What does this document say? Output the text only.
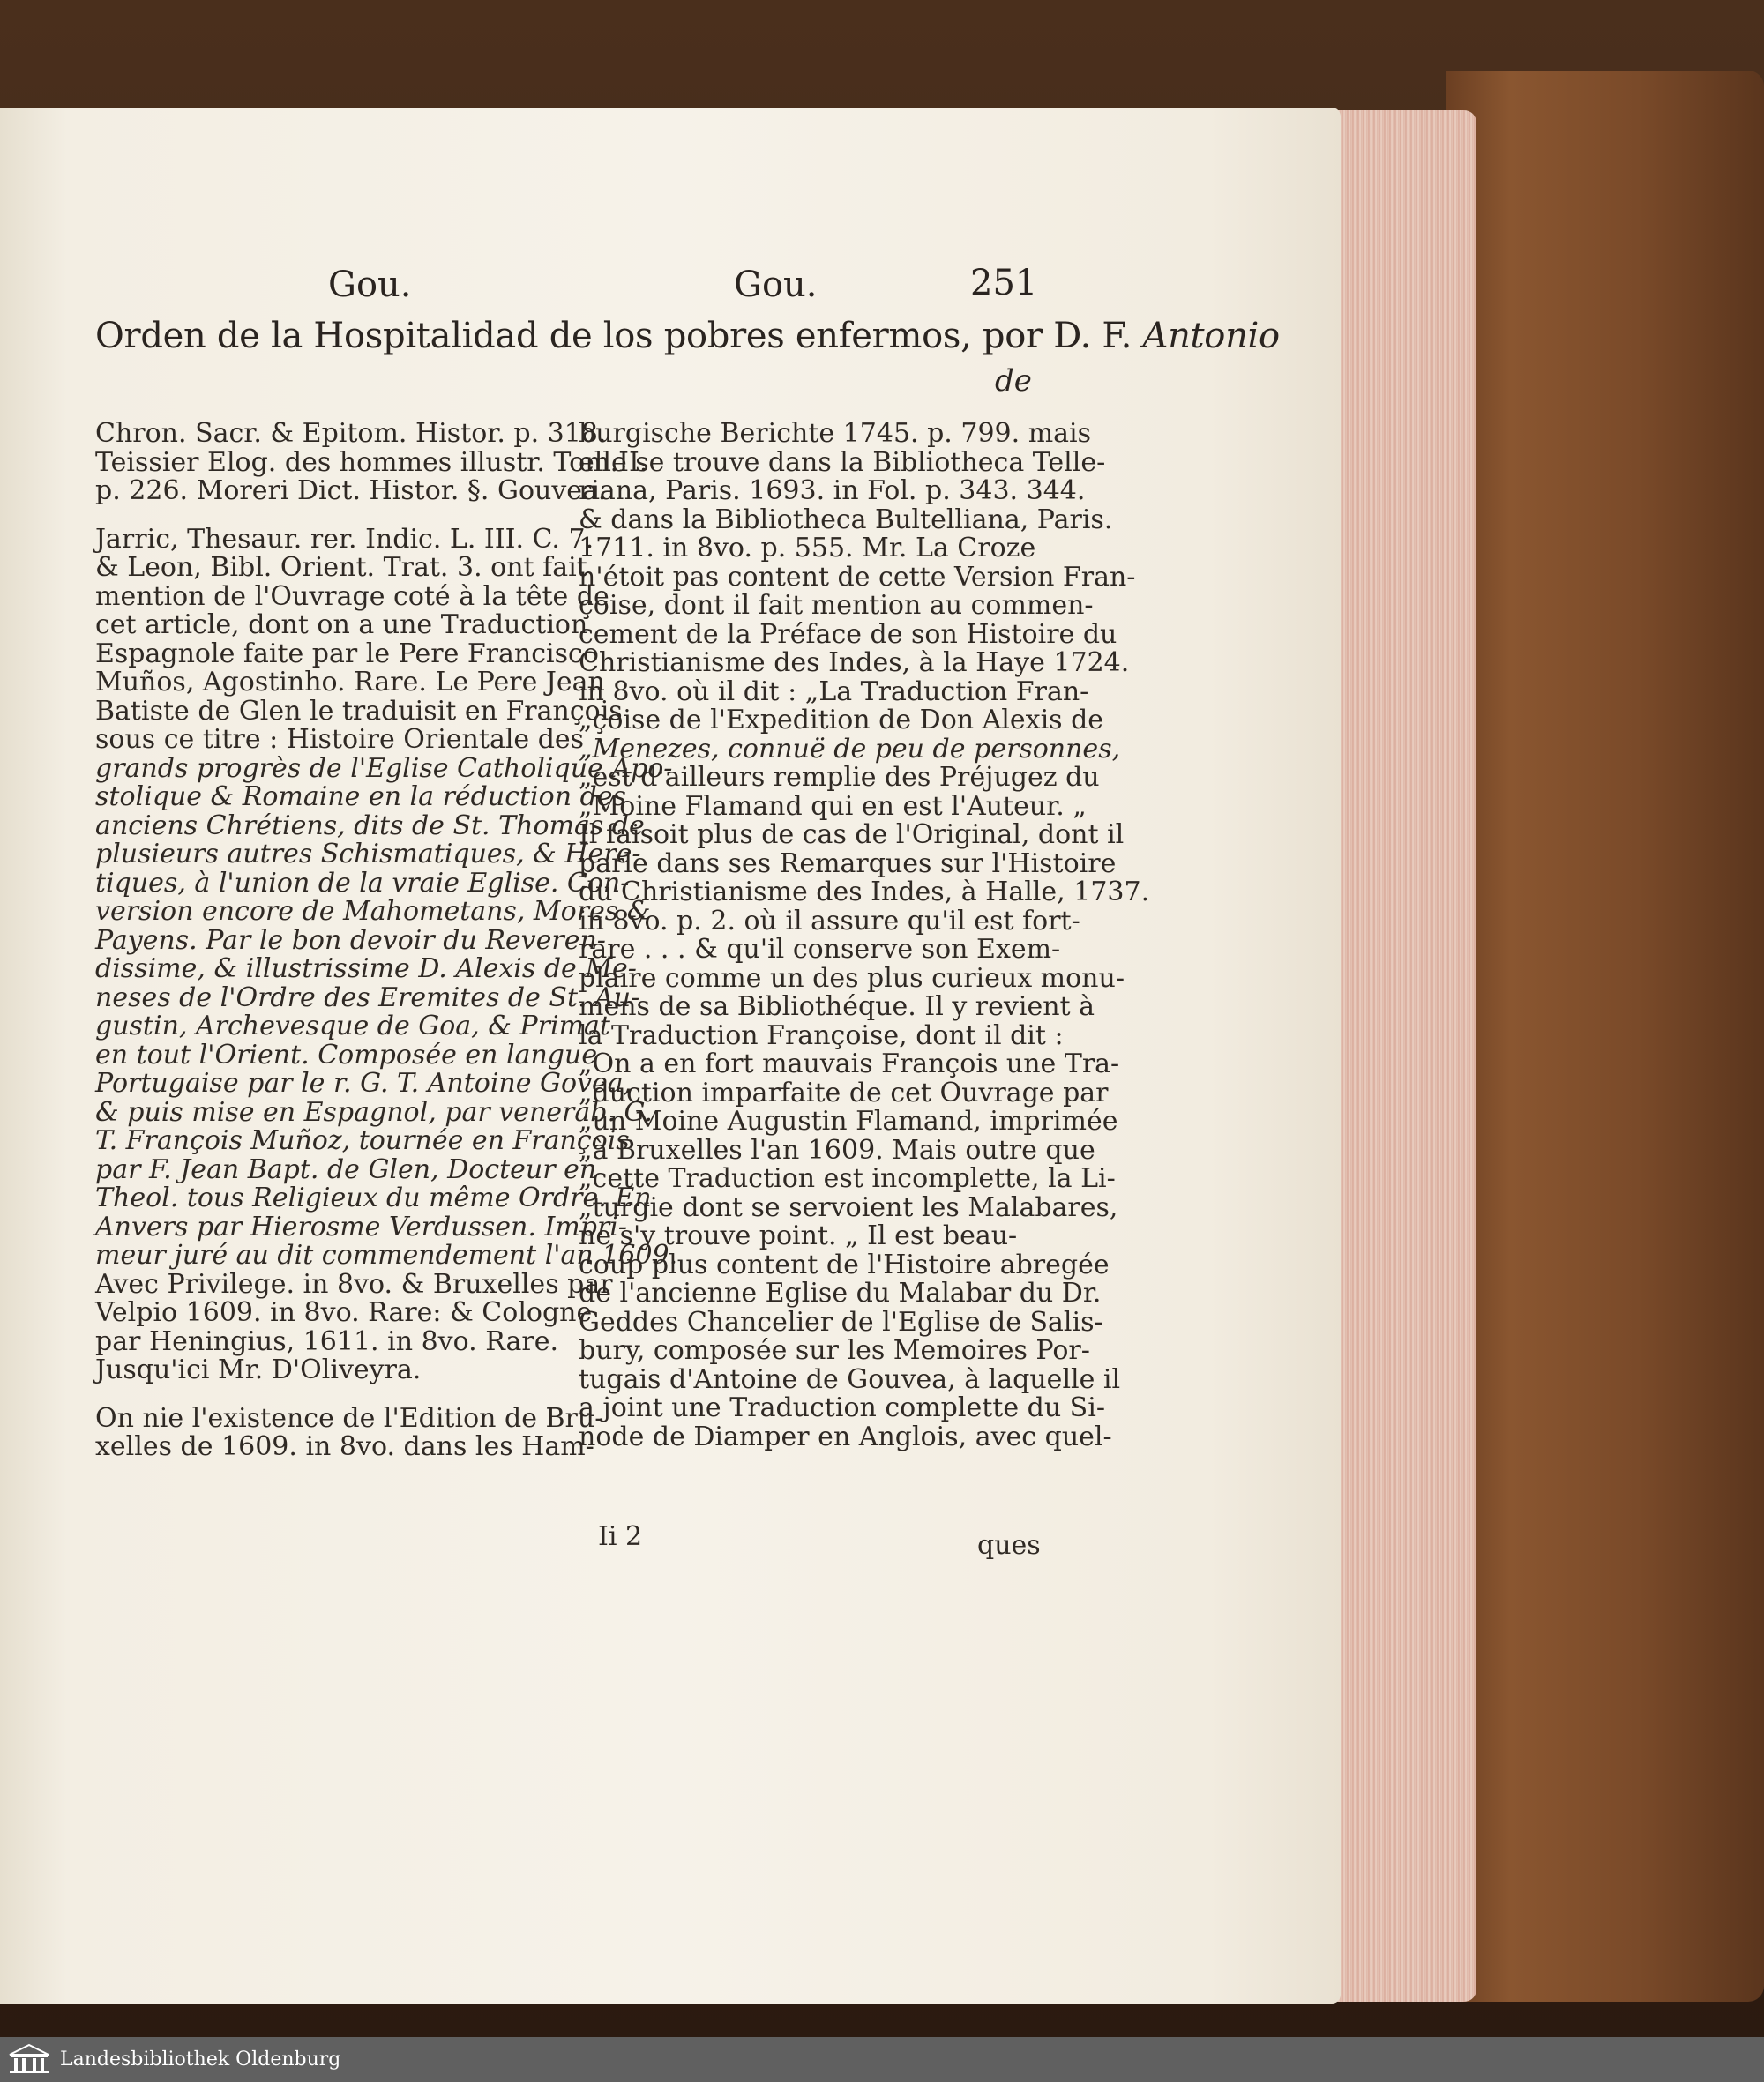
Gou.	Gou.	251
Orden de la Hospitalidad de los pobres enfermos, por D. F. Antonio
de

Chron. Sacr. & Epitom. Histor. p. 318.
Teissier Elog. des hommes illustr. Tom.II.
p. 226. Moreri Dict. Histor. §. Gouvea.

Jarric, Thesaur. rer. Indic. L. III. C. 7.
& Leon, Bibl. Orient. Trat. 3. ont fait
mention de l'Ouvrage coté à la tête de
cet article, dont on a une Traduction
Espagnole faite par le Pere Francisco
Muños, Agostinho. Rare. Le Pere Jean
Batiste de Glen le traduisit en François
sous ce titre : Histoire Orientale des
grands progrès de l'Eglise Catholique Apo-
stolique & Romaine en la réduction des
anciens Chrétiens, dits de St. Thomas de
plusieurs autres Schismatiques, & Here-
tiques, à l'union de la vraie Eglise. Con-
version encore de Mahometans, Mores &
Payens. Par le bon devoir du Reveren-
dissime, & illustrissime D. Alexis de Me-
neses de l'Ordre des Eremites de St. Au-
gustin, Archevesque de Goa, & Primat
en tout l'Orient. Composée en langue
Portugaise par le r. G. T. Antoine Govea,
& puis mise en Espagnol, par venerab. G.
T. François Muñoz, tournée en François
par F. Jean Bapt. de Glen, Docteur en
Theol. tous Religieux du même Ordre. En
Anvers par Hierosme Verdussen. Impri-
meur juré au dit commendement l'an 1609.
Avec Privilege. in 8vo. & Bruxelles par
Velpio 1609. in 8vo. Rare: & Cologne
par Heningius, 1611. in 8vo. Rare.
Jusqu'ici Mr. D'Oliveyra.

On nie l'existence de l'Edition de Bru-
xelles de 1609. in 8vo. dans les Ham-

burgische Berichte 1745. p. 799. mais
elle se trouve dans la Bibliotheca Telle-
riana, Paris. 1693. in Fol. p. 343. 344.
& dans la Bibliotheca Bultelliana, Paris.
1711. in 8vo. p. 555. Mr. La Croze
n'étoit pas content de cette Version Fran-
çoise, dont il fait mention au commen-
cement de la Préface de son Histoire du
Christianisme des Indes, à la Haye 1724.
in 8vo. où il dit : „La Traduction Fran-
„çoise de l'Expedition de Don Alexis de
„Menezes, connuë de peu de personnes,
„est d'ailleurs remplie des Préjugez du
„Moine Flamand qui en est l'Auteur. „
Il faisoit plus de cas de l'Original, dont il
parle dans ses Remarques sur l'Histoire
du Christianisme des Indes, à Halle, 1737.
in 8vo. p. 2. où il assure qu'il est fort-
rare . . . & qu'il conserve son Exem-
plaire comme un des plus curieux monu-
mens de sa Bibliothéque. Il y revient à
la Traduction Françoise, dont il dit :
„On a en fort mauvais François une Tra-
„duction imparfaite de cet Ouvrage par
„un Moine Augustin Flamand, imprimée
„à Bruxelles l'an 1609. Mais outre que
„cette Traduction est incomplette, la Li-
„turgie dont se servoient les Malabares,
ne s'y trouve point. „ Il est beau-
coup plus content de l'Histoire abregée
de l'ancienne Eglise du Malabar du Dr.
Geddes Chancelier de l'Eglise de Salis-
bury, composée sur les Memoires Por-
tugais d'Antoine de Gouvea, à laquelle il
a joint une Traduction complette du Si-
node de Diamper en Anglois, avec quel-

Ii 2	ques
Landesbibliothek Oldenburg
